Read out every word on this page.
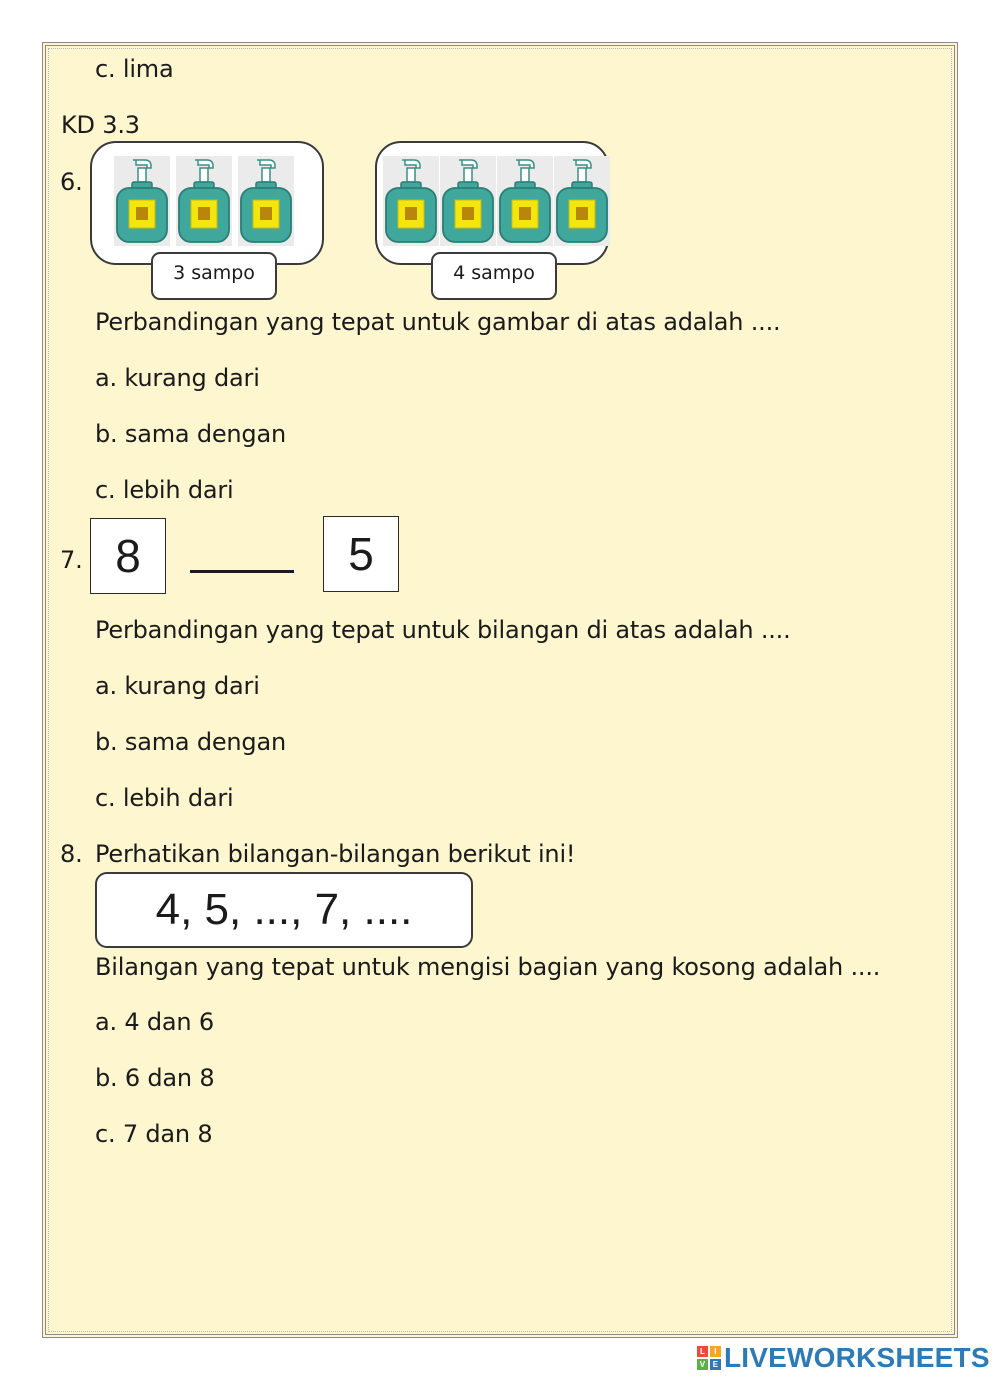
c. lima
KD 3.3
6.
3 sampo	4 sampo
Perbandingan yang tepat untuk gambar di atas adalah ....
a. kurang dari
b. sama dengan
c. lebih dari
7. 8	5
Perbandingan yang tepat untuk bilangan di atas adalah ....
a. kurang dari
b. sama dengan
c. lebih dari
8. Perhatikan bilangan-bilangan berikut ini!
4, 5, ..., 7, ....
Bilangan yang tepat untuk mengisi bagian yang kosong adalah ....
a. 4 dan 6
b. 6 dan 8
c. 7 dan 8
L	I
V E LIVEWORKSHEETS
